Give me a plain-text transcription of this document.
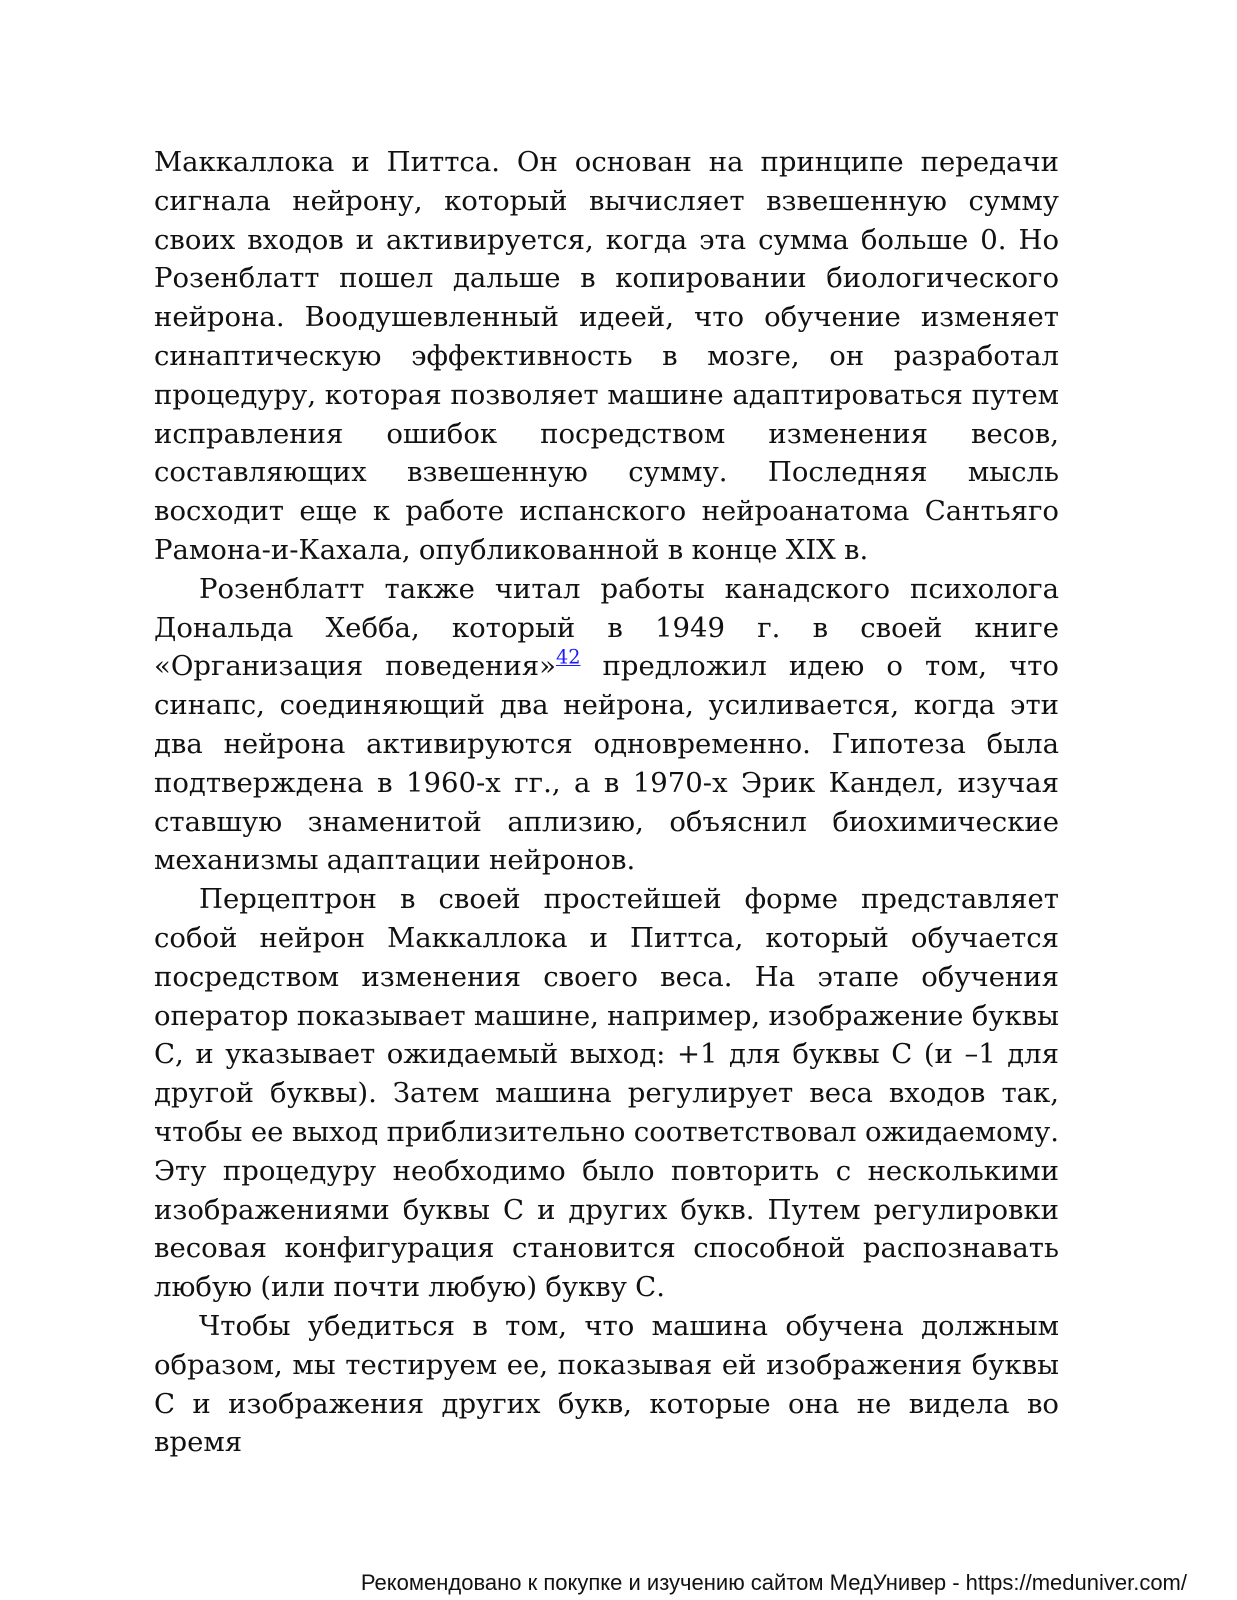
Маккаллока и Питтса. Он основан на принципе передачи сигнала нейрону, который вычисляет взвешенную сумму своих входов и активируется, когда эта сумма больше 0. Но Розенблатт пошел дальше в копировании биологического нейрона. Воодушевленный идеей, что обучение изменяет синаптическую эффективность в мозге, он разработал процедуру, которая позволяет машине адаптироваться путем исправления ошибок посредством изменения весов, составляющих взвешенную сумму. Последняя мысль восходит еще к работе испанского нейроанатома Сантьяго Рамона-и-Кахала, опубликованной в конце XIX в.

Розенблатт также читал работы канадского психолога Дональда Хебба, который в 1949 г. в своей книге «Организация поведения»$^{42}$ предложил идею о том, что синапс, соединяющий два нейрона, усиливается, когда эти два нейрона активируются одновременно. Гипотеза была подтверждена в 1960-х гг., а в 1970-х Эрик Кандел, изучая ставшую знаменитой аплизию, объяснил биохимические механизмы адаптации нейронов.

Перцептрон в своей простейшей форме представляет собой нейрон Маккаллока и Питтса, который обучается посредством изменения своего веса. На этапе обучения оператор показывает машине, например, изображение буквы С, и указывает ожидаемый выход: +1 для буквы С (и –1 для другой буквы). Затем машина регулирует веса входов так, чтобы ее выход приблизительно соответствовал ожидаемому. Эту процедуру необходимо было повторить с несколькими изображениями буквы С и других букв. Путем регулировки весовая конфигурация становится способной распознавать любую (или почти любую) букву С.

Чтобы убедиться в том, что машина обучена должным образом, мы тестируем ее, показывая ей изображения буквы С и изображения других букв, которые она не видела во время

Рекомендовано к покупке и изучению сайтом МедУнивер - https://meduniver.com/
